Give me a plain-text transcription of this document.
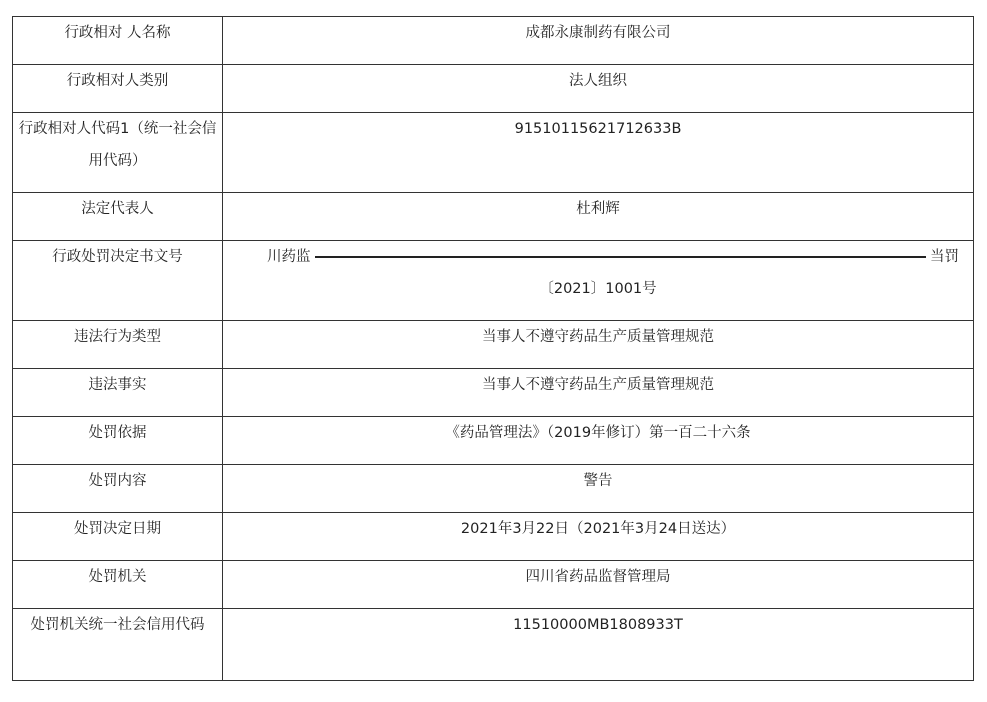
行政相对 人名称	成都永康制药有限公司
行政相对人类别	法人组织
行政相对人代码1（统一社会信用代码）	91510115621712633B
法定代表人	杜利辉
行政处罚决定书文号	川药监 当罚
〔2021〕1001号

违法行为类型	当事人不遵守药品生产质量管理规范
违法事实	当事人不遵守药品生产质量管理规范
处罚依据	《药品管理法》（2019年修订）第一百二十六条
处罚内容	警告
处罚决定日期	2021年3月22日（2021年3月24日送达）
处罚机关	四川省药品监督管理局
处罚机关统一社会信用代码	11510000MB1808933T
